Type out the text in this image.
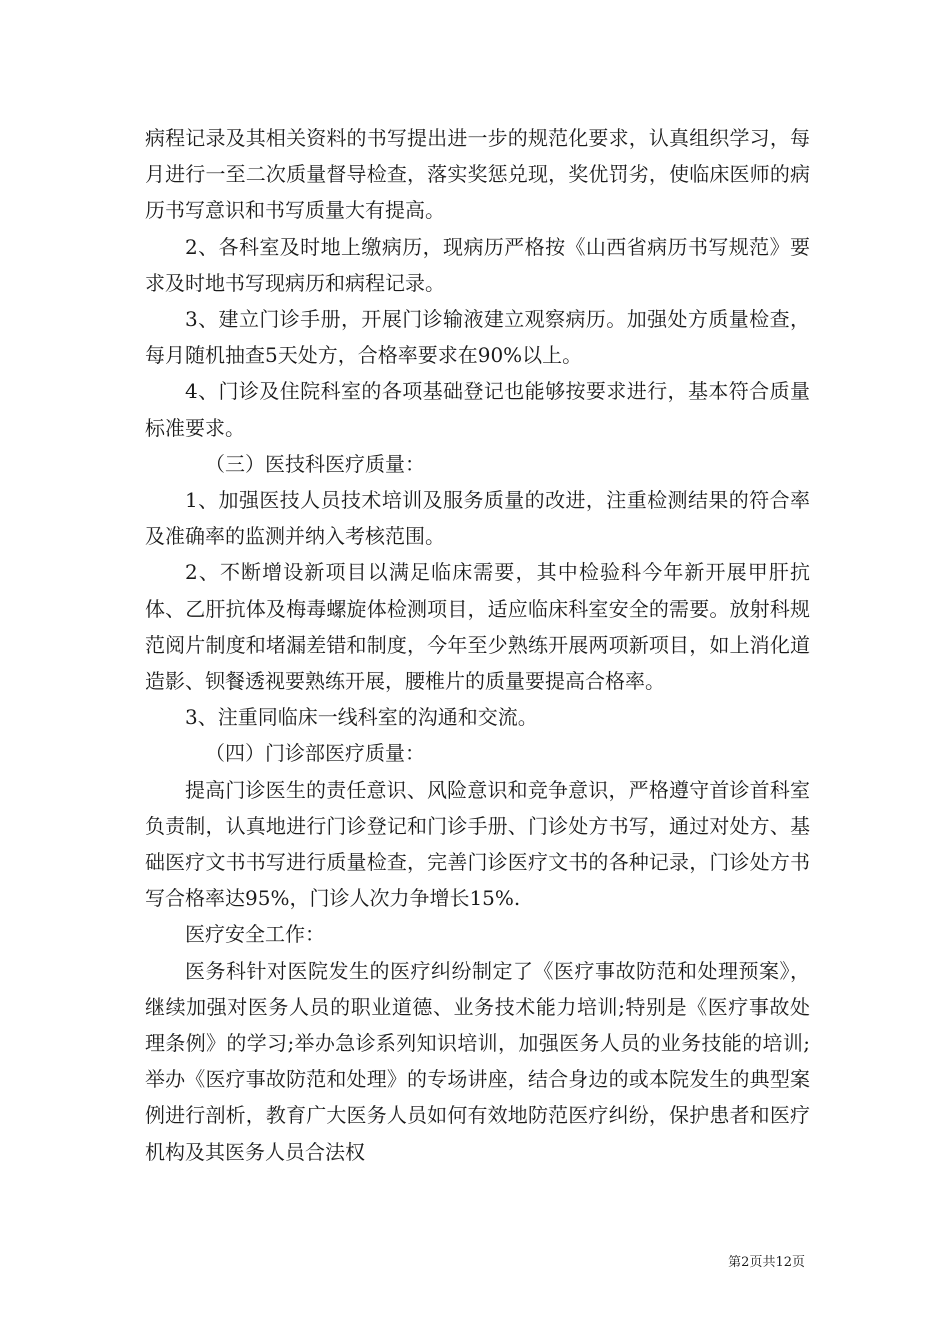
病程记录及其相关资料的书写提出进一步的规范化要求，认真组织学习，每月进行一至二次质量督导检查，落实奖惩兑现，奖优罚劣，使临床医师的病历书写意识和书写质量大有提高。

2、各科室及时地上缴病历，现病历严格按《山西省病历书写规范》要求及时地书写现病历和病程记录。

3、建立门诊手册，开展门诊输液建立观察病历。加强处方质量检查，每月随机抽查5天处方，合格率要求在90%以上。

4、门诊及住院科室的各项基础登记也能够按要求进行，基本符合质量标准要求。

（三）医技科医疗质量：

1、加强医技人员技术培训及服务质量的改进，注重检测结果的符合率及准确率的监测并纳入考核范围。

2、不断增设新项目以满足临床需要，其中检验科今年新开展甲肝抗体、乙肝抗体及梅毒螺旋体检测项目，适应临床科室安全的需要。放射科规范阅片制度和堵漏差错和制度，今年至少熟练开展两项新项目，如上消化道造影、钡餐透视要熟练开展，腰椎片的质量要提高合格率。

3、注重同临床一线科室的沟通和交流。

（四）门诊部医疗质量：

提高门诊医生的责任意识、风险意识和竞争意识，严格遵守首诊首科室负责制，认真地进行门诊登记和门诊手册、门诊处方书写，通过对处方、基础医疗文书书写进行质量检查，完善门诊医疗文书的各种记录，门诊处方书写合格率达95%，门诊人次力争增长15%.

医疗安全工作：

医务科针对医院发生的医疗纠纷制定了《医疗事故防范和处理预案》，继续加强对医务人员的职业道德、业务技术能力培训;特别是《医疗事故处理条例》的学习;举办急诊系列知识培训，加强医务人员的业务技能的培训;举办《医疗事故防范和处理》的专场讲座，结合身边的或本院发生的典型案例进行剖析，教育广大医务人员如何有效地防范医疗纠纷，保护患者和医疗机构及其医务人员合法权

第2页共12页
